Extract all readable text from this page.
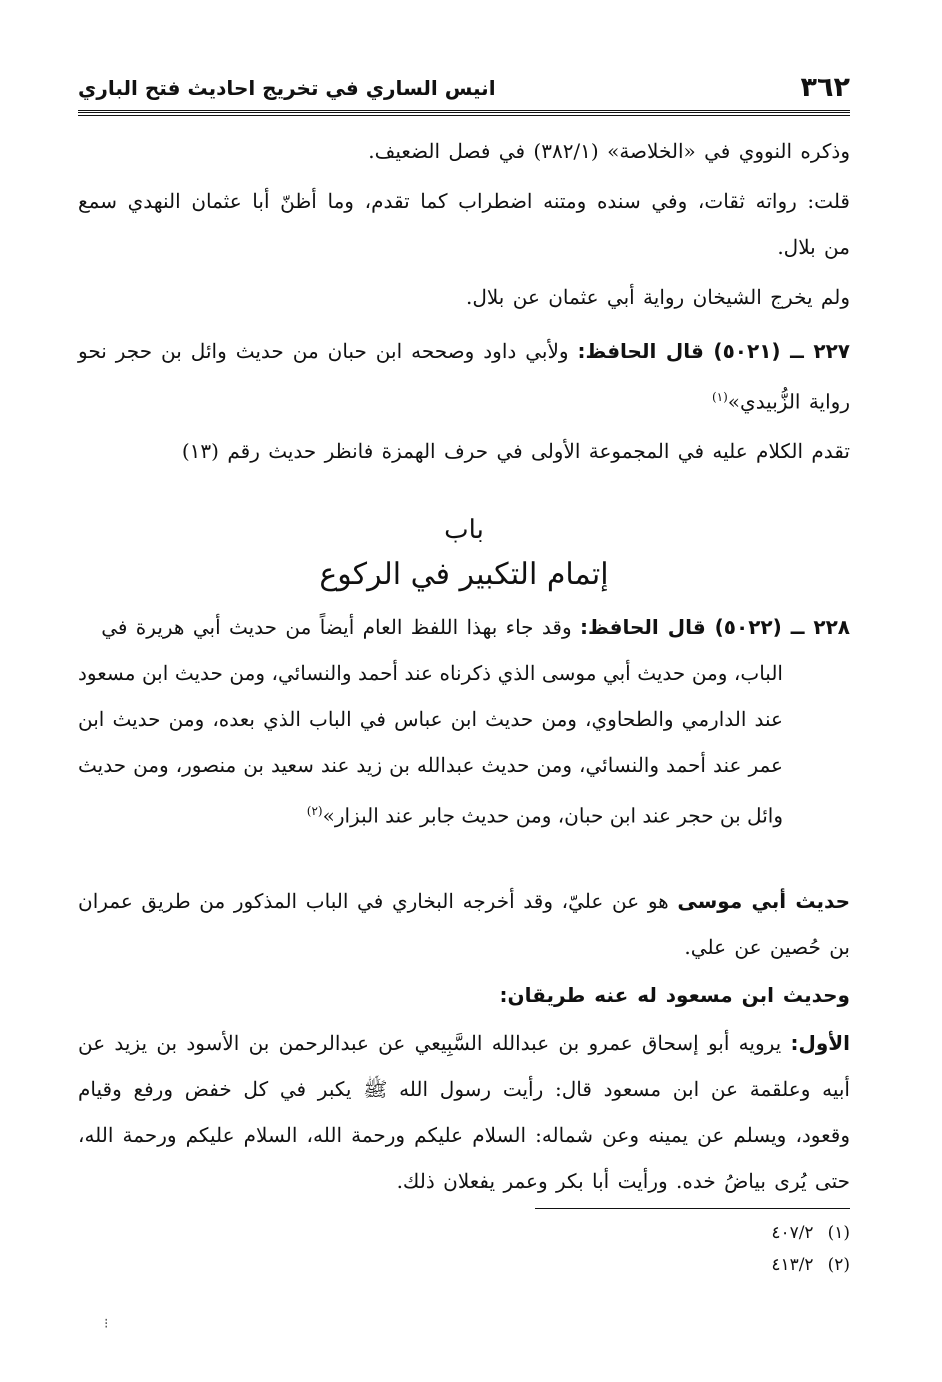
٣٦٢
انيس الساري في تخريج احاديث فتح الباري
وذكره النووي في «الخلاصة» (٣٨٢/١) في فصل الضعيف.
قلت: رواته ثقات، وفي سنده ومتنه اضطراب كما تقدم، وما أظنّ أبا عثمان النهدي سمع من بلال.
ولم يخرج الشيخان رواية أبي عثمان عن بلال.
٢٢٧ ــ (٥٠٢١) قال الحافظ: ولأبي داود وصححه ابن حبان من حديث وائل بن حجر نحو رواية الزُّبيدي»$^{(١)}$
تقدم الكلام عليه في المجموعة الأولى في حرف الهمزة فانظر حديث رقم (١٣)
باب
إتمام التكبير في الركوع
٢٢٨ ــ (٥٠٢٢) قال الحافظ: وقد جاء بهذا اللفظ العام أيضاً من حديث أبي هريرة في
الباب، ومن حديث أبي موسى الذي ذكرناه عند أحمد والنسائي، ومن حديث ابن مسعود عند الدارمي والطحاوي، ومن حديث ابن عباس في الباب الذي بعده، ومن حديث ابن عمر عند أحمد والنسائي، ومن حديث عبدالله بن زيد عند سعيد بن منصور، ومن حديث وائل بن حجر عند ابن حبان، ومن حديث جابر عند البزار»$^{(٢)}$
حديث أبي موسى هو عن عليّ، وقد أخرجه البخاري في الباب المذكور من طريق عمران بن حُصين عن علي.
وحديث ابن مسعود له عنه طريقان:
الأول: يرويه أبو إسحاق عمرو بن عبدالله السَّبِيعي عن عبدالرحمن بن الأسود بن يزيد عن أبيه وعلقمة عن ابن مسعود قال: رأيت رسول الله ﷺ يكبر في كل خفض ورفع وقيام وقعود، ويسلم عن يمينه وعن شماله: السلام عليكم ورحمة الله، السلام عليكم ورحمة الله، حتى يُرى بياضُ خده. ورأيت أبا بكر وعمر يفعلان ذلك.
(١)٤٠٧/٢
(٢)٤١٣/٢
⁝
